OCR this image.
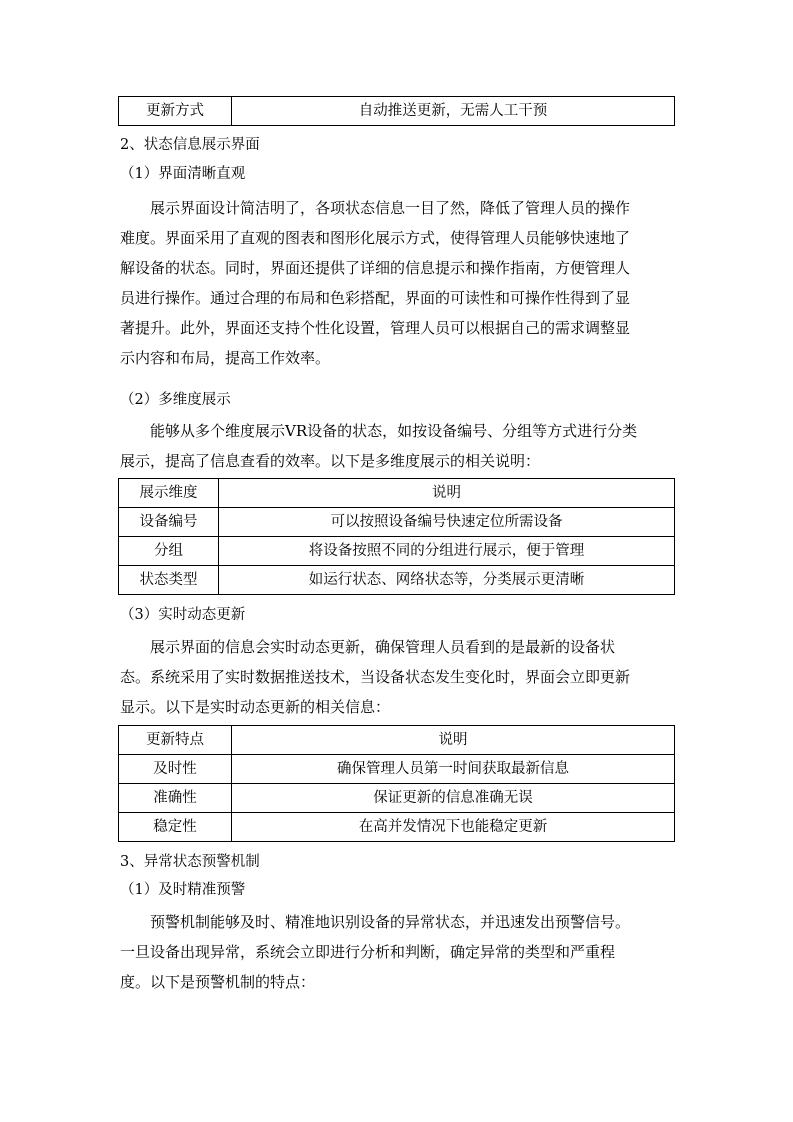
更新方式	自动推送更新，无需人工干预
2、状态信息展示界面
（1）界面清晰直观

展示界面设计简洁明了，各项状态信息一目了然，降低了管理人员的操作

难度。界面采用了直观的图表和图形化展示方式，使得管理人员能够快速地了

解设备的状态。同时，界面还提供了详细的信息提示和操作指南，方便管理人

员进行操作。通过合理的布局和色彩搭配，界面的可读性和可操作性得到了显

著提升。此外，界面还支持个性化设置，管理人员可以根据自己的需求调整显

示内容和布局，提高工作效率。

（2）多维度展示

能够从多个维度展示VR设备的状态，如按设备编号、分组等方式进行分类

展示，提高了信息查看的效率。以下是多维度展示的相关说明：

展示维度	说明
设备编号	可以按照设备编号快速定位所需设备
分组	将设备按照不同的分组进行展示，便于管理
状态类型	如运行状态、网络状态等，分类展示更清晰
（3）实时动态更新

展示界面的信息会实时动态更新，确保管理人员看到的是最新的设备状

态。系统采用了实时数据推送技术，当设备状态发生变化时，界面会立即更新

显示。以下是实时动态更新的相关信息：

更新特点	说明
及时性	确保管理人员第一时间获取最新信息
准确性	保证更新的信息准确无误
稳定性	在高并发情况下也能稳定更新
3、异常状态预警机制
（1）及时精准预警

预警机制能够及时、精准地识别设备的异常状态，并迅速发出预警信号。

一旦设备出现异常，系统会立即进行分析和判断，确定异常的类型和严重程

度。以下是预警机制的特点：
